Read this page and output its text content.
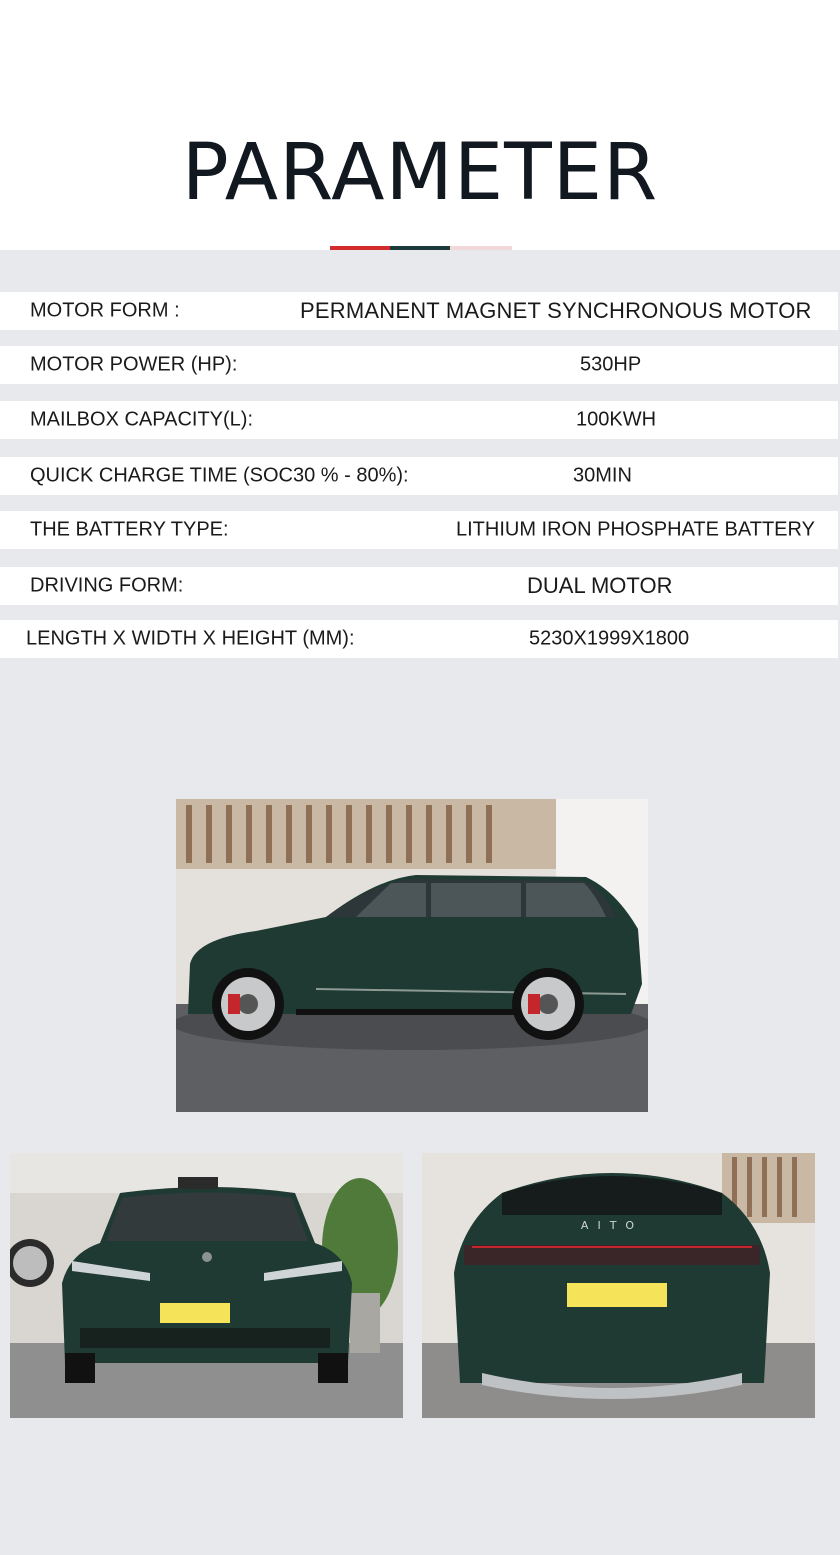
PARAMETER
MOTOR FORM :	PERMANENT MAGNET SYNCHRONOUS MOTOR
MOTOR POWER (HP):	530HP
MAILBOX CAPACITY(L):	100KWH
QUICK CHARGE TIME (SOC30 % - 80%):	30MIN
THE BATTERY TYPE:	LITHIUM IRON PHOSPHATE BATTERY
DRIVING FORM:	DUAL MOTOR
LENGTH X WIDTH X HEIGHT (MM):	5230X1999X1800
AITO
